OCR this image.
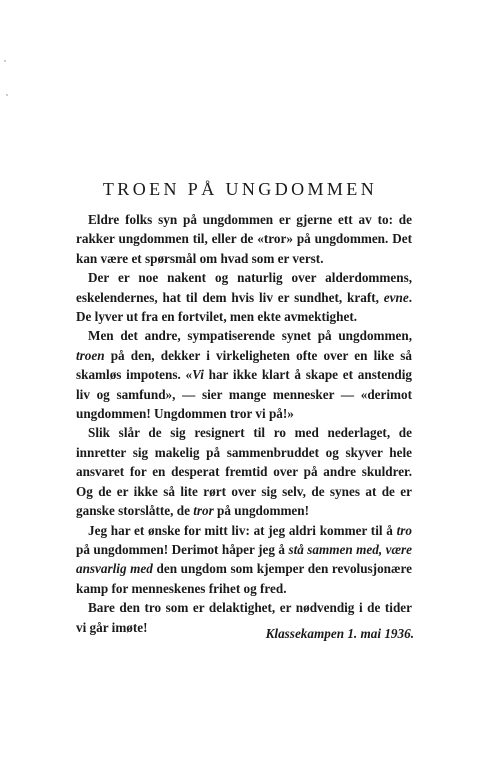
TROEN PÅ UNGDOMMEN

Eldre folks syn på ungdommen er gjerne ett av to: de rakker ungdommen til, eller de «tror» på ungdommen. Det kan være et spørsmål om hvad som er verst.

Der er noe nakent og naturlig over alderdommens, eskelendernes, hat til dem hvis liv er sundhet, kraft, evne. De lyver ut fra en fortvilet, men ekte avmektighet.

Men det andre, sympatiserende synet på ungdommen, troen på den, dekker i virkeligheten ofte over en like så skamløs impotens. «Vi har ikke klart å skape et anstendig liv og samfund», — sier mange mennesker — «derimot ungdommen! Ungdommen tror vi på!»

Slik slår de sig resignert til ro med nederlaget, de innretter sig makelig på sammenbruddet og skyver hele ansvaret for en desperat fremtid over på andre skuldrer. Og de er ikke så lite rørt over sig selv, de synes at de er ganske storslåtte, de tror på ungdommen!

Jeg har et ønske for mitt liv: at jeg aldri kommer til å tro på ungdommen! Derimot håper jeg å stå sammen med, være ansvarlig med den ungdom som kjemper den revolusjonære kamp for menneskenes frihet og fred.

Bare den tro som er delaktighet, er nødvendig i de tider vi går imøte!	Klassekampen 1. mai 1936.
